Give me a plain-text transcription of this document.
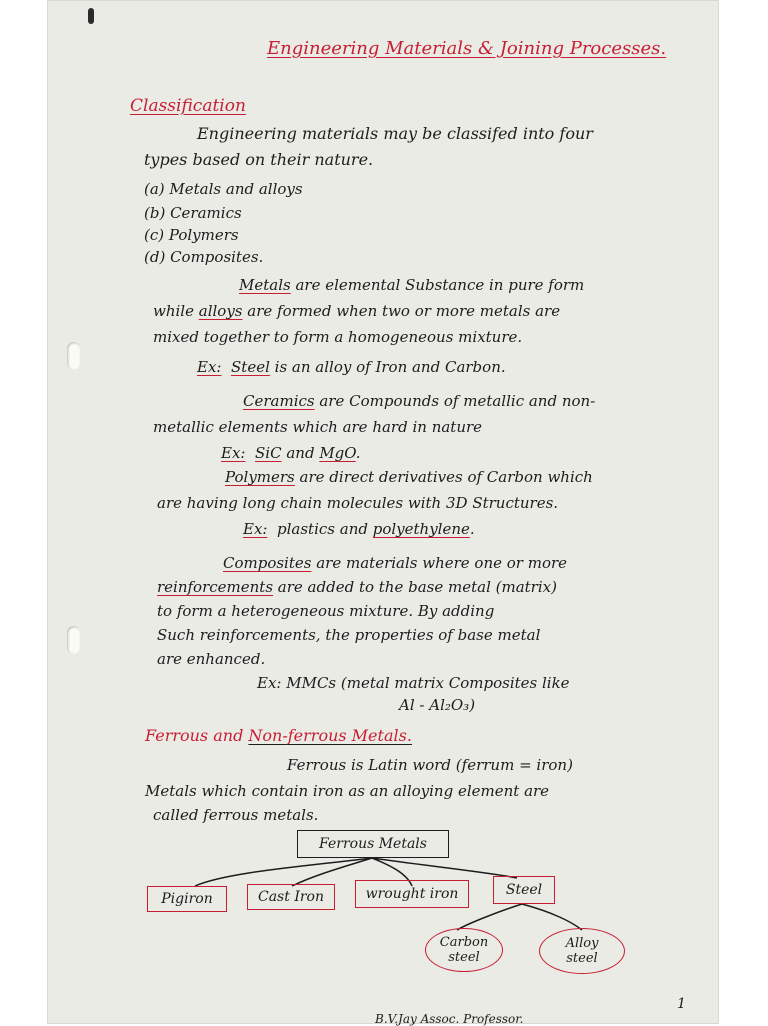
Engineering Materials & Joining Processes.
Classification
Engineering materials may be classifed into four
types based on their nature.
(a) Metals and alloys
(b) Ceramics
(c) Polymers
(d) Composites.
Metals are elemental Substance in pure form
while alloys are formed when two or more metals are
mixed together to form a homogeneous mixture.
Ex: Steel is an alloy of Iron and Carbon.
Ceramics are Compounds of metallic and non-
metallic elements which are hard in nature
Ex: SiC and MgO.
Polymers are direct derivatives of Carbon which
are having long chain molecules with 3D Structures.
Ex: plastics and polyethylene.
Composites are materials where one or more
reinforcements are added to the base metal (matrix)
to form a heterogeneous mixture. By adding
Such reinforcements, the properties of base metal
are enhanced.
Ex: MMCs (metal matrix Composites like
Al - Al₂O₃)
Ferrous and Non-ferrous Metals.
Ferrous is Latin word (ferrum = iron)
Metals which contain iron as an alloying element are
called ferrous metals.
Ferrous Metals
Pigiron	Cast Iron	wrought iron	Steel
Carbon
steel
Alloy
steel
1
B.V.Jay Assoc. Professor.
